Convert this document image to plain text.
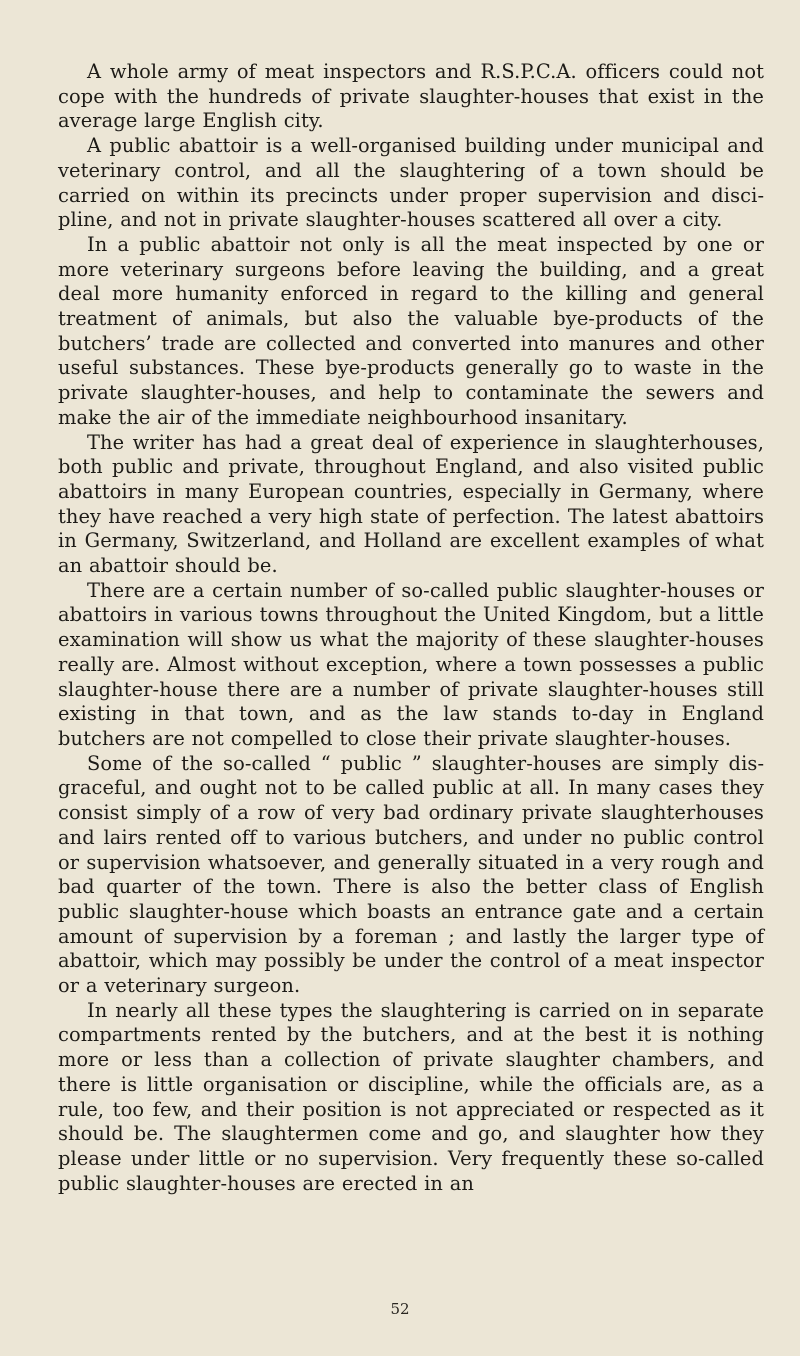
A whole army of meat inspectors and R.S.P.C.A. officers could not cope with the hundreds of private slaughter-houses that exist in the average large English city.

A public abattoir is a well-organised building under municipal and veterinary control, and all the slaughtering of a town should be carried on within its precincts under proper supervision and discipline, and not in private slaughter-houses scattered all over a city.

In a public abattoir not only is all the meat inspected by one or more veterinary surgeons before leaving the building, and a great deal more humanity enforced in regard to the killing and general treatment of animals, but also the valuable bye-products of the butchers’ trade are collected and converted into manures and other useful substances. These bye-products generally go to waste in the private slaughter-houses, and help to contaminate the sewers and make the air of the immediate neighbourhood insanitary.

The writer has had a great deal of experience in slaughterhouses, both public and private, throughout England, and also visited public abattoirs in many European countries, especially in Germany, where they have reached a very high state of perfection. The latest abattoirs in Germany, Switzerland, and Holland are excellent examples of what an abattoir should be.

There are a certain number of so-called public slaughter-houses or abattoirs in various towns throughout the United Kingdom, but a little examination will show us what the majority of these slaughter-houses really are. Almost without exception, where a town possesses a public slaughter-house there are a number of private slaughter-houses still existing in that town, and as the law stands to-day in England butchers are not compelled to close their private slaughter-houses.

Some of the so-called “ public ” slaughter-houses are simply disgraceful, and ought not to be called public at all. In many cases they consist simply of a row of very bad ordinary private slaughterhouses and lairs rented off to various butchers, and under no public control or supervision whatsoever, and generally situated in a very rough and bad quarter of the town. There is also the better class of English public slaughter-house which boasts an entrance gate and a certain amount of supervision by a foreman ; and lastly the larger type of abattoir, which may possibly be under the control of a meat inspector or a veterinary surgeon.

In nearly all these types the slaughtering is carried on in separate compartments rented by the butchers, and at the best it is nothing more or less than a collection of private slaughter chambers, and there is little organisation or discipline, while the officials are, as a rule, too few, and their position is not appreciated or respected as it should be. The slaughtermen come and go, and slaughter how they please under little or no supervision. Very frequently these so-called public slaughter-houses are erected in an

52
